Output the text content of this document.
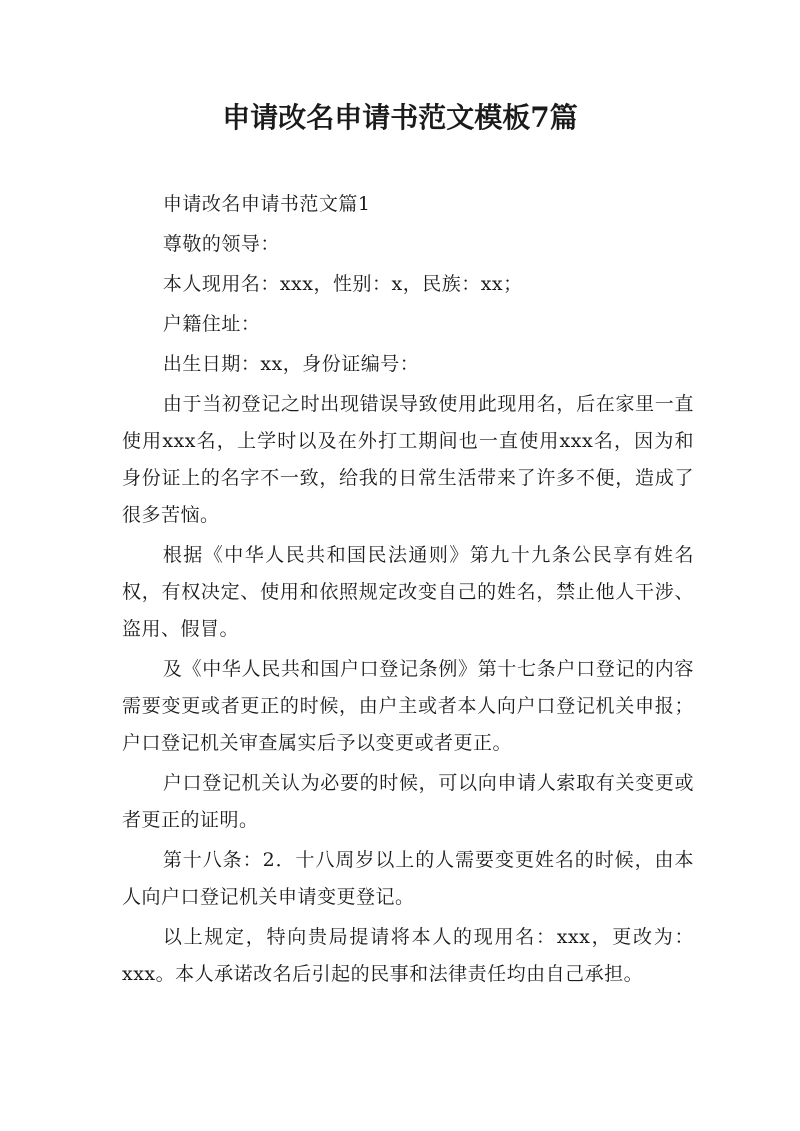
申请改名申请书范文模板7篇

申请改名申请书范文篇1

尊敬的领导：

本人现用名：xxx，性别：x，民族：xx；

户籍住址：

出生日期：xx，身份证编号：

由于当初登记之时出现错误导致使用此现用名，后在家里一直使用xxx名，上学时以及在外打工期间也一直使用xxx名，因为和身份证上的名字不一致，给我的日常生活带来了许多不便，造成了很多苦恼。

根据《中华人民共和国民法通则》第九十九条公民享有姓名权，有权决定、使用和依照规定改变自己的姓名，禁止他人干涉、盗用、假冒。

及《中华人民共和国户口登记条例》第十七条户口登记的内容需要变更或者更正的时候，由户主或者本人向户口登记机关申报；户口登记机关审查属实后予以变更或者更正。

户口登记机关认为必要的时候，可以向申请人索取有关变更或者更正的证明。

第十八条：2．十八周岁以上的人需要变更姓名的时候，由本人向户口登记机关申请变更登记。

以上规定，特向贵局提请将本人的现用名：xxx，更改为：xxx。本人承诺改名后引起的民事和法律责任均由自己承担。
